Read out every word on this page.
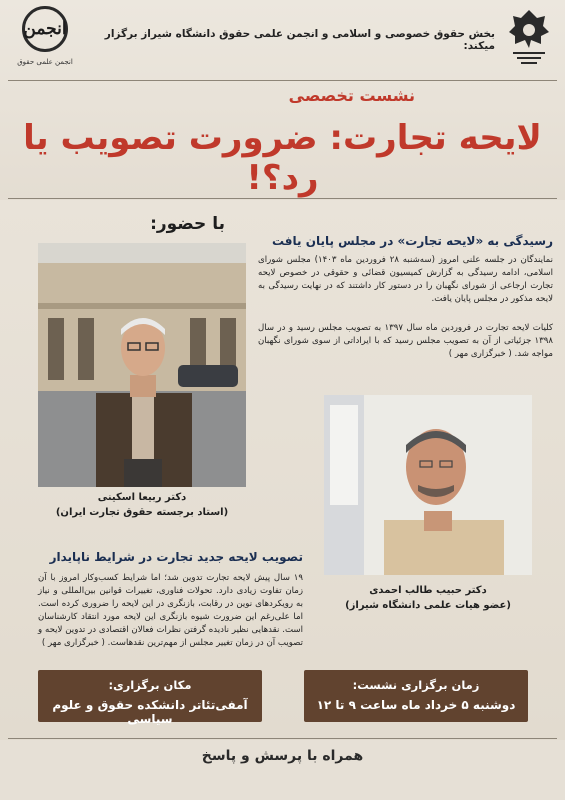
انجمن
انجمن علمی حقوق
بخش حقوق خصوصی و اسلامی و انجمن علمی حقوق دانشگاه شیراز برگزار میکند:
نشست تخصصی
لایحه تجارت: ضرورت تصویب یا رد؟!
با حضور:
رسیدگی به «لایحه تجارت» در مجلس پایان یافت
نمایندگان در جلسه علنی امروز (سه‌شنبه ۲۸ فروردین ماه ۱۴۰۳) مجلس شورای اسلامی، ادامه رسیدگی به گزارش کمیسیون قضائی و حقوقی در خصوص لایحه تجارت ارجاعی از شورای نگهبان را در دستور کار داشتند که در نهایت رسیدگی به لایحه مذکور در مجلس پایان یافت.
کلیات لایحه تجارت در فروردین ماه سال ۱۳۹۷ به تصویب مجلس رسید و در سال ۱۳۹۸ جزئیاتی از آن به تصویب مجلس رسید که با ایراداتی از سوی شورای نگهبان مواجه شد. ( خبرگزاری مهر )
دکتر ربیعا اسکینی
(استاد برجسته حقوق تجارت ایران)
دکتر حبیب طالب احمدی
(عضو هیات علمی دانشگاه شیراز)
تصویب لایحه جدید تجارت در شرایط ناپایدار
۱۹ سال پیش لایحه تجارت تدوین شد؛ اما شرایط کسب‌وکار امروز با آن زمان تفاوت زیادی دارد. تحولات فناوری، تغییرات قوانین بین‌المللی و نیاز به رویکردهای نوین در رقابت، بازنگری در این لایحه را ضروری کرده است. اما علی‌رغم این ضرورت شیوه بازنگری این لایحه مورد انتقاد کارشناسان است. نقدهایی نظیر نادیده گرفتن نظرات فعالان اقتصادی در تدوین لایحه و تصویب آن در زمان تغییر مجلس از مهم‌ترین نقدهاست. ( خبرگزاری مهر )
مکان برگزاری:
آمفی‌تئاتر دانشکده حقوق و علوم سیاسی
زمان برگزاری نشست:
دوشنبه ۵ خرداد ماه ساعت ۹ تا ۱۲
همراه با پرسش و پاسخ
